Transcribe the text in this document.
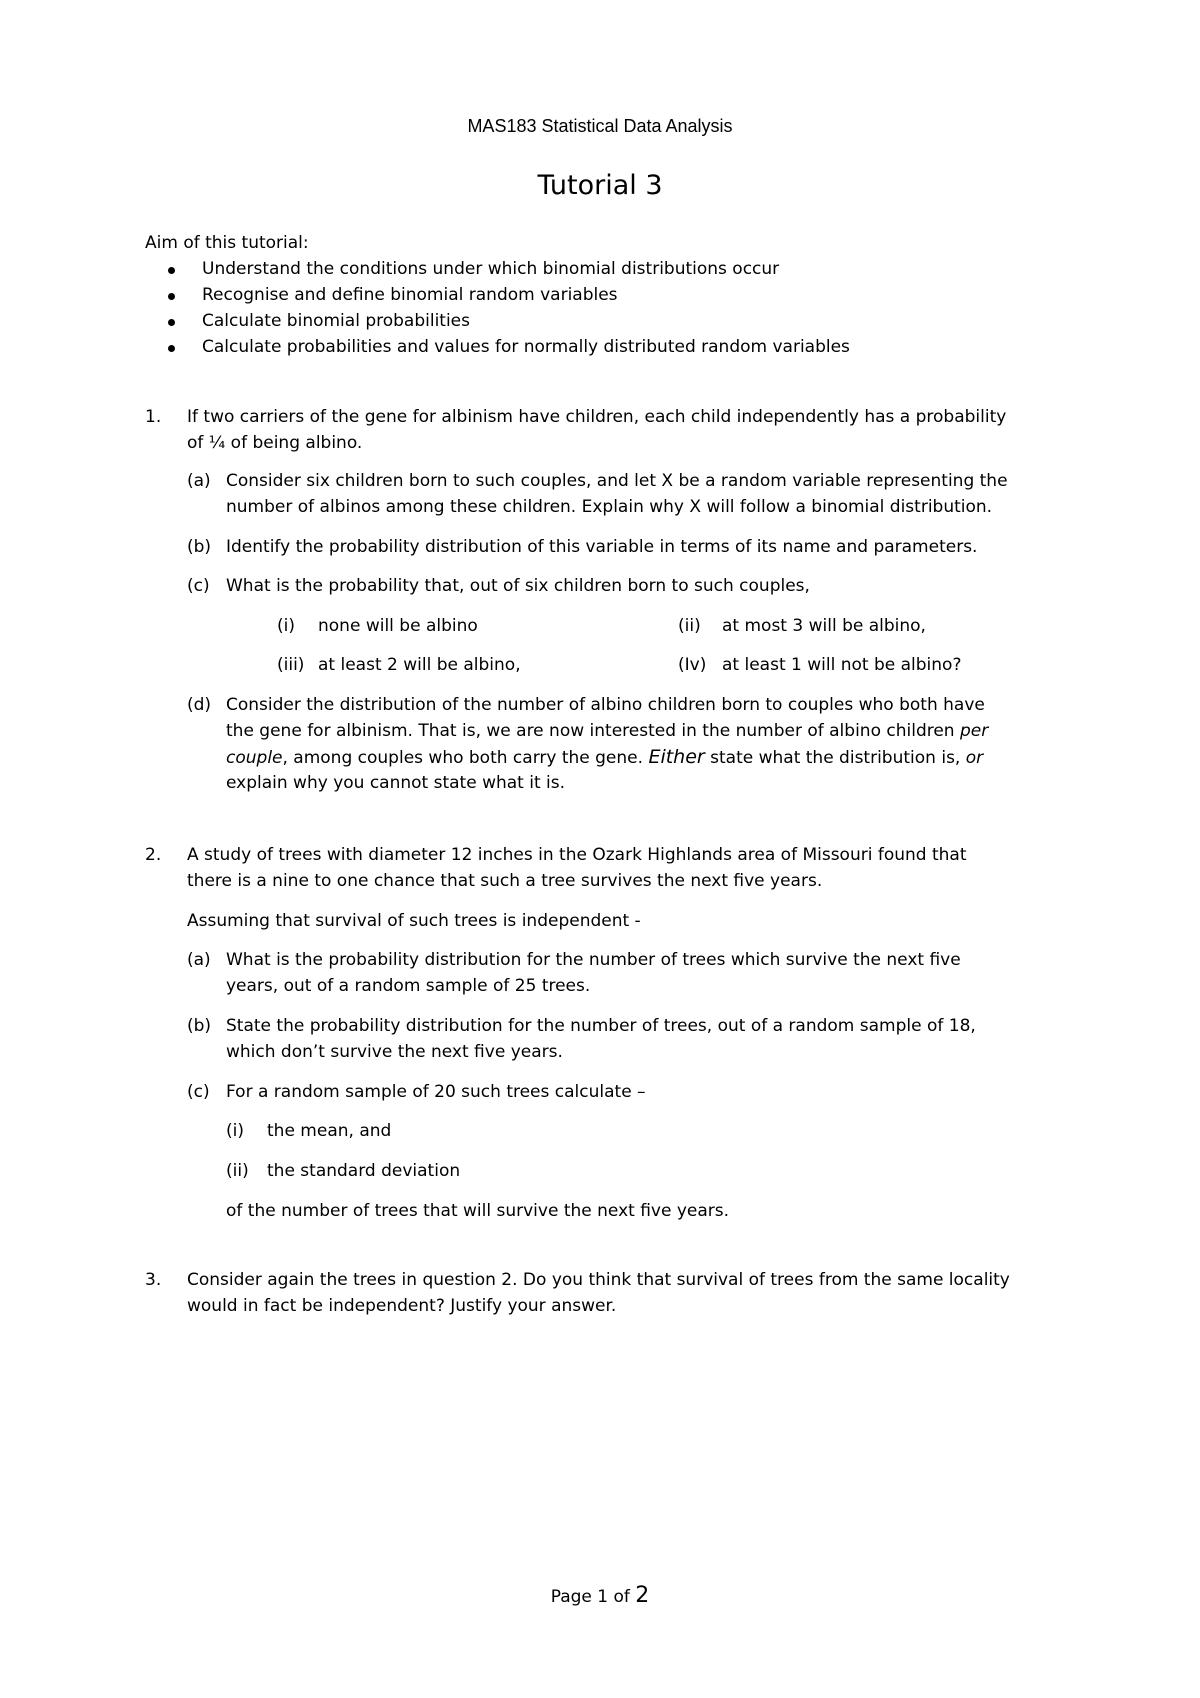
MAS183 Statistical Data Analysis
Tutorial 3
Aim of this tutorial:
Understand the conditions under which binomial distributions occur
Recognise and define binomial random variables
Calculate binomial probabilities
Calculate probabilities and values for normally distributed random variables
1. If two carriers of the gene for albinism have children, each child independently has a probability
of ¼ of being albino.
(a) Consider six children born to such couples, and let X be a random variable representing the
number of albinos among these children. Explain why X will follow a binomial distribution.
(b) Identify the probability distribution of this variable in terms of its name and parameters.
(c) What is the probability that, out of six children born to such couples,
(i) none will be albino	(ii) at most 3 will be albino,
(iii) at least 2 will be albino,	(Iv) at least 1 will not be albino?
(d) Consider the distribution of the number of albino children born to couples who both have
the gene for albinism. That is, we are now interested in the number of albino children per
couple, among couples who both carry the gene. Either state what the distribution is, or
explain why you cannot state what it is.
2. A study of trees with diameter 12 inches in the Ozark Highlands area of Missouri found that
there is a nine to one chance that such a tree survives the next five years.
Assuming that survival of such trees is independent -
(a) What is the probability distribution for the number of trees which survive the next five
years, out of a random sample of 25 trees.
(b) State the probability distribution for the number of trees, out of a random sample of 18,
which don’t survive the next five years.
(c) For a random sample of 20 such trees calculate –
(i) the mean, and
(ii) the standard deviation
of the number of trees that will survive the next five years.
3. Consider again the trees in question 2. Do you think that survival of trees from the same locality
would in fact be independent? Justify your answer.
Page 1 of 2
